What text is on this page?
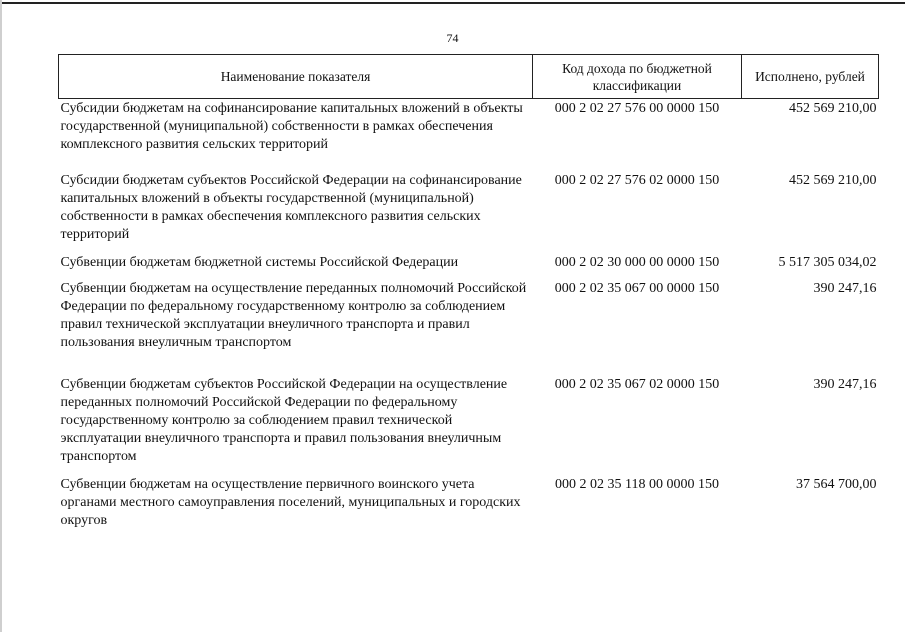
74
Наименование показателя	Код дохода по бюджетной классификации	Исполнено, рублей
Субсидии бюджетам на софинансирование капитальных вложений в объекты государственной (муниципальной) собственности в рамках обеспечения комплексного развития сельских территорий	000 2 02 27 576 00 0000 150	452 569 210,00
Субсидии бюджетам субъектов Российской Федерации на софинансирование капитальных вложений в объекты государственной (муниципальной) собственности в рамках обеспечения комплексного развития сельских территорий	000 2 02 27 576 02 0000 150	452 569 210,00
Субвенции бюджетам бюджетной системы Российской Федерации	000 2 02 30 000 00 0000 150	5 517 305 034,02
Субвенции бюджетам на осуществление переданных полномочий Российской Федерации по федеральному государственному контролю за соблюдением правил технической эксплуатации внеуличного транспорта и правил пользования внеуличным транспортом	000 2 02 35 067 00 0000 150	390 247,16
Субвенции бюджетам субъектов Российской Федерации на осуществление переданных полномочий Российской Федерации по федеральному государственному контролю за соблюдением правил технической эксплуатации внеуличного транспорта и правил пользования внеуличным транспортом	000 2 02 35 067 02 0000 150	390 247,16
Субвенции бюджетам на осуществление первичного воинского учета органами местного самоуправления поселений, муниципальных и городских округов	000 2 02 35 118 00 0000 150	37 564 700,00
